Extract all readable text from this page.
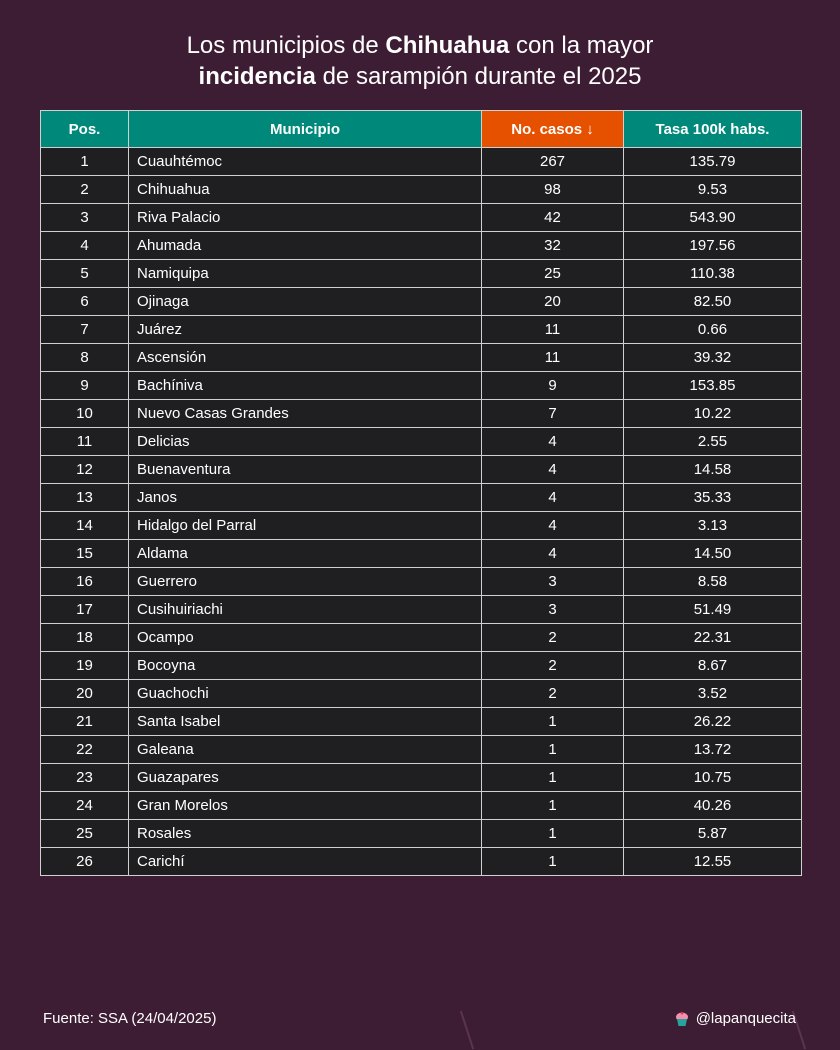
Los municipios de Chihuahua con la mayor
incidencia de sarampión durante el 2025
Pos.	Municipio	No. casos ↓	Tasa 100k habs.
1	Cuauhtémoc	267	135.79
2	Chihuahua	98	9.53
3	Riva Palacio	42	543.90
4	Ahumada	32	197.56
5	Namiquipa	25	110.38
6	Ojinaga	20	82.50
7	Juárez	11	0.66
8	Ascensión	11	39.32
9	Bachíniva	9	153.85
10	Nuevo Casas Grandes	7	10.22
11	Delicias	4	2.55
12	Buenaventura	4	14.58
13	Janos	4	35.33
14	Hidalgo del Parral	4	3.13
15	Aldama	4	14.50
16	Guerrero	3	8.58
17	Cusihuiriachi	3	51.49
18	Ocampo	2	22.31
19	Bocoyna	2	8.67
20	Guachochi	2	3.52
21	Santa Isabel	1	26.22
22	Galeana	1	13.72
23	Guazapares	1	10.75
24	Gran Morelos	1	40.26
25	Rosales	1	5.87
26	Carichí	1	12.55
Fuente: SSA (24/04/2025)	@lapanquecita
